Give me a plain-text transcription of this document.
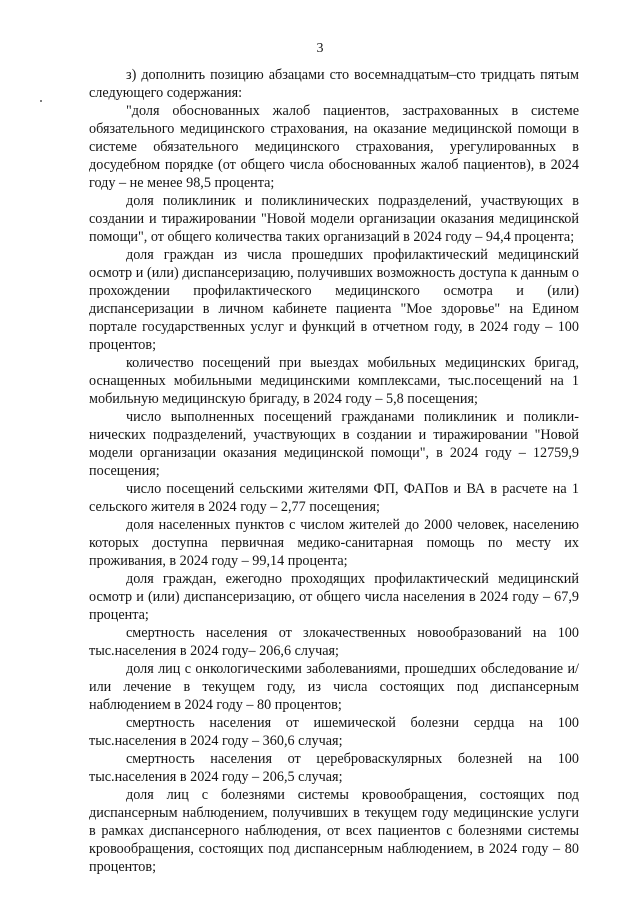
3

з) дополнить позицию абзацами сто восемнадцатым–сто тридцать пятым следующего содержания:

"доля обоснованных жалоб пациентов, застрахованных в системе обязательного медицинского страхования, на оказание медицинской помощи в системе обязательного медицинского страхования, урегулированных в досудебном порядке (от общего числа обоснованных жалоб пациентов), в 2024 году – не менее 98,5 процента;

доля поликлиник и поликлинических подразделений, участвующих в создании и тиражировании "Новой модели организации оказания медицинской помощи", от общего количества таких организаций в 2024 году – 94,4 процента;

доля граждан из числа прошедших профилактический медицинский осмотр и (или) диспансеризацию, получивших возможность доступа к данным о прохождении профилактического медицинского осмотра и (или) диспансеризации в личном кабинете пациента "Мое здоровье" на Едином портале государственных услуг и функций в отчетном году, в 2024 году – 100 процентов;

количество посещений при выездах мобильных медицинских бригад, оснащенных мобильными медицинскими комплексами, тыс.посещений на 1 мобильную медицинскую бригаду, в 2024 году – 5,8 посещения;

число выполненных посещений гражданами поликлиник и поликлинических подразделений, участвующих в создании и тиражировании "Новой модели организации оказания медицинской помощи", в 2024 году – 12759,9 посещения;

число посещений сельскими жителями ФП, ФАПов и ВА в расчете на 1 сельского жителя в 2024 году – 2,77 посещения;

доля населенных пунктов с числом жителей до 2000 человек, населению которых доступна первичная медико-санитарная помощь по месту их проживания, в 2024 году – 99,14 процента;

доля граждан, ежегодно проходящих профилактический медицинский осмотр и (или) диспансеризацию, от общего числа населения в 2024 году – 67,9 процента;

смертность населения от злокачественных новообразований на 100 тыс.населения в 2024 году– 206,6 случая;

доля лиц с онкологическими заболеваниями, прошедших обследование и/или лечение в текущем году, из числа состоящих под диспансерным наблюдением в 2024 году – 80 процентов;

смертность населения от ишемической болезни сердца на 100 тыс.населения в 2024 году – 360,6 случая;

смертность населения от цереброваскулярных болезней на 100 тыс.населения в 2024 году – 206,5 случая;

доля лиц с болезнями системы кровообращения, состоящих под диспансерным наблюдением, получивших в текущем году медицинские услуги в рамках диспансерного наблюдения, от всех пациентов с болезнями системы кровообращения, состоящих под диспансерным наблюдением, в 2024 году – 80 процентов;
